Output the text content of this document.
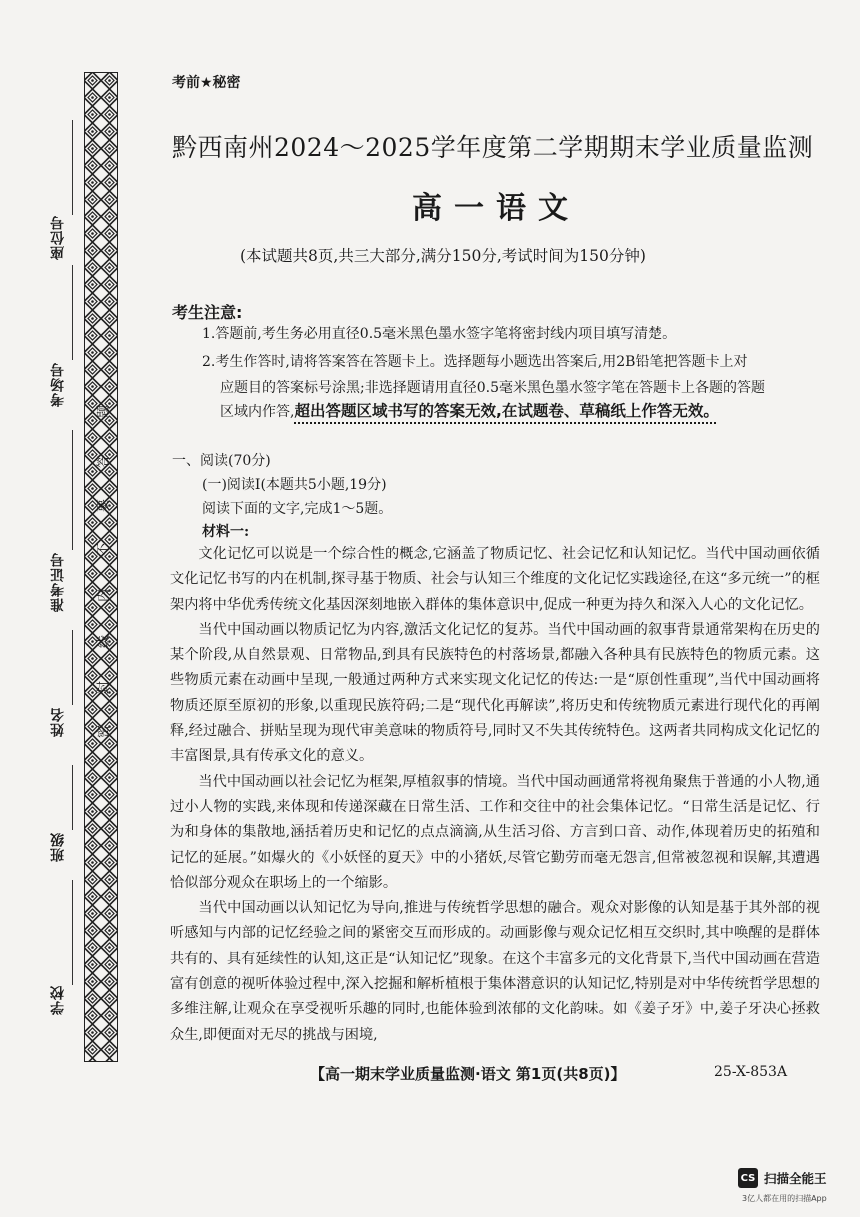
题
答
要
不
内
线
封
密
座位号
考场号
准考证号
姓名
班级
学校
考前★秘密
黔西南州2024～2025学年度第二学期期末学业质量监测
高一语文
(本试题共8页,共三大部分,满分150分,考试时间为150分钟)
考生注意:
1.答题前,考生务必用直径0.5毫米黑色墨水签字笔将密封线内项目填写清楚。
2.考生作答时,请将答案答在答题卡上。选择题每小题选出答案后,用2B铅笔把答题卡上对
应题目的答案标号涂黑;非选择题请用直径0.5毫米黑色墨水签字笔在答题卡上各题的答题
区域内作答,超出答题区域书写的答案无效,在试题卷、草稿纸上作答无效。
一、阅读(70分)
(一)阅读Ⅰ(本题共5小题,19分)
阅读下面的文字,完成1～5题。
材料一:

文化记忆可以说是一个综合性的概念,它涵盖了物质记忆、社会记忆和认知记忆。当代中国动画依循文化记忆书写的内在机制,探寻基于物质、社会与认知三个维度的文化记忆实践途径,在这“多元统一”的框架内将中华优秀传统文化基因深刻地嵌入群体的集体意识中,促成一种更为持久和深入人心的文化记忆。

当代中国动画以物质记忆为内容,激活文化记忆的复苏。当代中国动画的叙事背景通常架构在历史的某个阶段,从自然景观、日常物品,到具有民族特色的村落场景,都融入各种具有民族特色的物质元素。这些物质元素在动画中呈现,一般通过两种方式来实现文化记忆的传达:一是“原创性重现”,当代中国动画将物质还原至原初的形象,以重现民族符码;二是“现代化再解读”,将历史和传统物质元素进行现代化的再阐释,经过融合、拼贴呈现为现代审美意味的物质符号,同时又不失其传统特色。这两者共同构成文化记忆的丰富图景,具有传承文化的意义。

当代中国动画以社会记忆为框架,厚植叙事的情境。当代中国动画通常将视角聚焦于普通的小人物,通过小人物的实践,来体现和传递深藏在日常生活、工作和交往中的社会集体记忆。“日常生活是记忆、行为和身体的集散地,涵括着历史和记忆的点点滴滴,从生活习俗、方言到口音、动作,体现着历史的拓殖和记忆的延展。”如爆火的《小妖怪的夏天》中的小猪妖,尽管它勤劳而毫无怨言,但常被忽视和误解,其遭遇恰似部分观众在职场上的一个缩影。

当代中国动画以认知记忆为导向,推进与传统哲学思想的融合。观众对影像的认知是基于其外部的视听感知与内部的记忆经验之间的紧密交互而形成的。动画影像与观众记忆相互交织时,其中唤醒的是群体共有的、具有延续性的认知,这正是“认知记忆”现象。在这个丰富多元的文化背景下,当代中国动画在营造富有创意的视听体验过程中,深入挖掘和解析植根于集体潜意识的认知记忆,特别是对中华传统哲学思想的多维注解,让观众在享受视听乐趣的同时,也能体验到浓郁的文化韵味。如《姜子牙》中,姜子牙决心拯救众生,即便面对无尽的挑战与困境,

【高一期末学业质量监测·语文 第1页(共8页)】	25-X-853A
CS 扫描全能王
3亿人都在用的扫描App
